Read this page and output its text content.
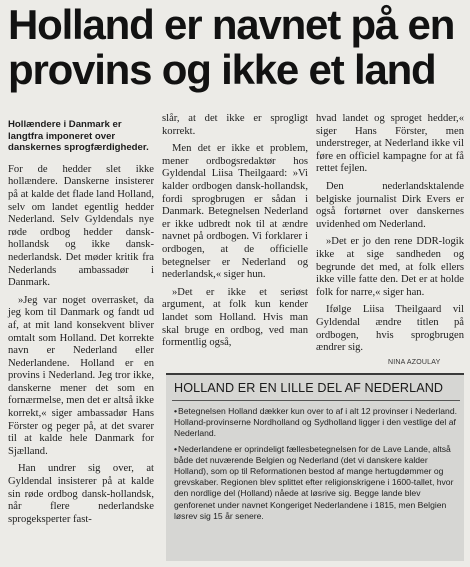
Holland er navnet på en provins og ikke et land

Hollændere i Danmark er langtfra imponeret over danskernes sprogfærdigheder.

For de hedder slet ikke hollændere. Danskerne insisterer på at kalde det flade land Holland, selv om landet egentlig hedder Nederland. Selv Gyldendals nye røde ordbog hedder dansk-hollandsk og ikke dansk-nederlandsk. Det møder kritik fra Nederlands ambassadør i Danmark.

»Jeg var noget overrasket, da jeg kom til Danmark og fandt ud af, at mit land konsekvent bliver omtalt som Holland. Det korrekte navn er Nederland eller Nederlandene. Holland er en provins i Nederland. Jeg tror ikke, danskerne mener det som en fornærmelse, men det er altså ikke korrekt,« siger ambassadør Hans Förster og peger på, at det svarer til at kalde hele Danmark for Sjælland.

Han undrer sig over, at Gyldendal insisterer på at kalde sin røde ordbog dansk-hollandsk, når flere nederlandske sprogeksperter fast-

slår, at det ikke er sprogligt korrekt.

Men det er ikke et problem, mener ordbogsredaktør hos Gyldendal Liisa Theilgaard: »Vi kalder ordbogen dansk-hollandsk, fordi sprogbrugen er sådan i Danmark. Betegnelsen Nederland er ikke udbredt nok til at ændre navnet på ordbogen. Vi forklarer i ordbogen, at de officielle betegnelser er Nederland og nederlandsk,« siger hun.

»Det er ikke et seriøst argument, at folk kun kender landet som Holland. Hvis man skal bruge en ordbog, ved man formentlig også,

hvad landet og sproget hedder,« siger Hans Förster, men understreger, at Nederland ikke vil føre en officiel kampagne for at få rettet fejlen.

Den nederlandsktalende belgiske journalist Dirk Evers er også fortørnet over danskernes uvidenhed om Nederland.

»Det er jo den rene DDR-logik ikke at sige sandheden og begrunde det med, at folk ellers ikke ville fatte den. Det er at holde folk for narre,« siger han.

Ifølge Liisa Theilgaard vil Gyldendal ændre titlen på ordbogen, hvis sprogbrugen ændrer sig.

NINA AZOULAY
HOLLAND ER EN LILLE DEL AF NEDERLAND

•Betegnelsen Holland dækker kun over to af i alt 12 provinser i Nederland. Holland-provinserne Nordholland og Sydholland ligger i den vestlige del af Nederland.

•Nederlandene er oprindeligt fællesbetegnelsen for de Lave Lande, altså både det nuværende Belgien og Nederland (det vi danskere kalder Holland), som op til Reformationen bestod af mange hertugdømmer og grevskaber. Regionen blev splittet efter religionskrigene i 1600-tallet, hvor den nordlige del (Holland) nåede at løsrive sig. Begge lande blev genforenet under navnet Kongeriget Nederlandene i 1815, men Belgien løsrev sig 15 år senere.
